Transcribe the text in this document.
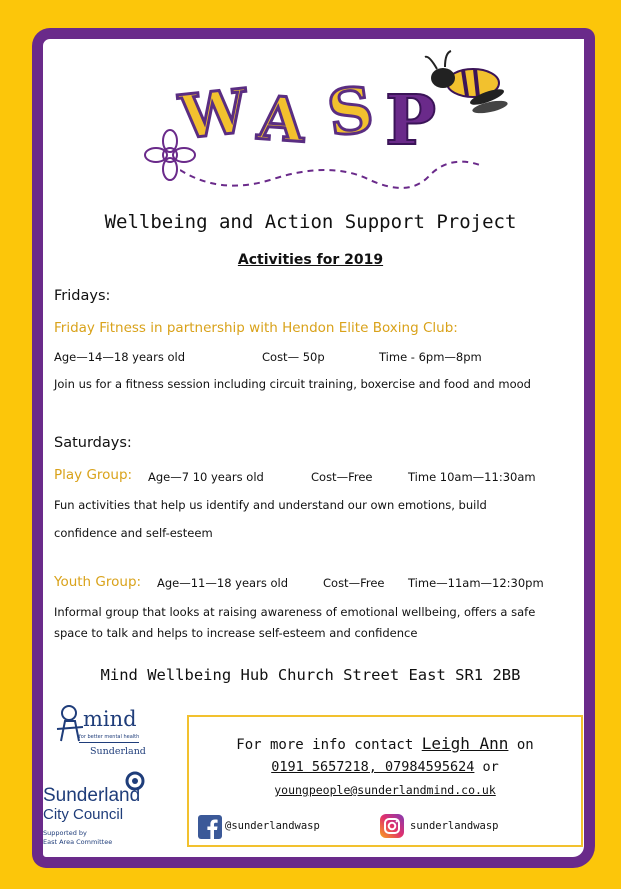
W A S P
Wellbeing and Action Support Project
Activities for 2019
Fridays:
Friday Fitness in partnership with Hendon Elite Boxing Club:
Age—14—18 years old	Cost— 50p	Time - 6pm—8pm
Join us for a fitness session including circuit training, boxercise and food and mood
Saturdays:
Play Group: Age—7 10 years old	Cost—Free	Time 10am—11:30am
Fun activities that help us identify and understand our own emotions, build
confidence and self-esteem
Youth Group: Age—11—18 years old	Cost—Free Time—11am—12:30pm
Informal group that looks at raising awareness of emotional wellbeing, offers a safe
space to talk and helps to increase self-esteem and confidence
Mind Wellbeing Hub Church Street East SR1 2BB
mind
for better mental health
Sunderland
Sunderland
City Council
Supported by
East Area Committee
For more info contact Leigh Ann on
0191 5657218, 07984595624 or
youngpeople@sunderlandmind.co.uk
@sunderlandwasp	sunderlandwasp
